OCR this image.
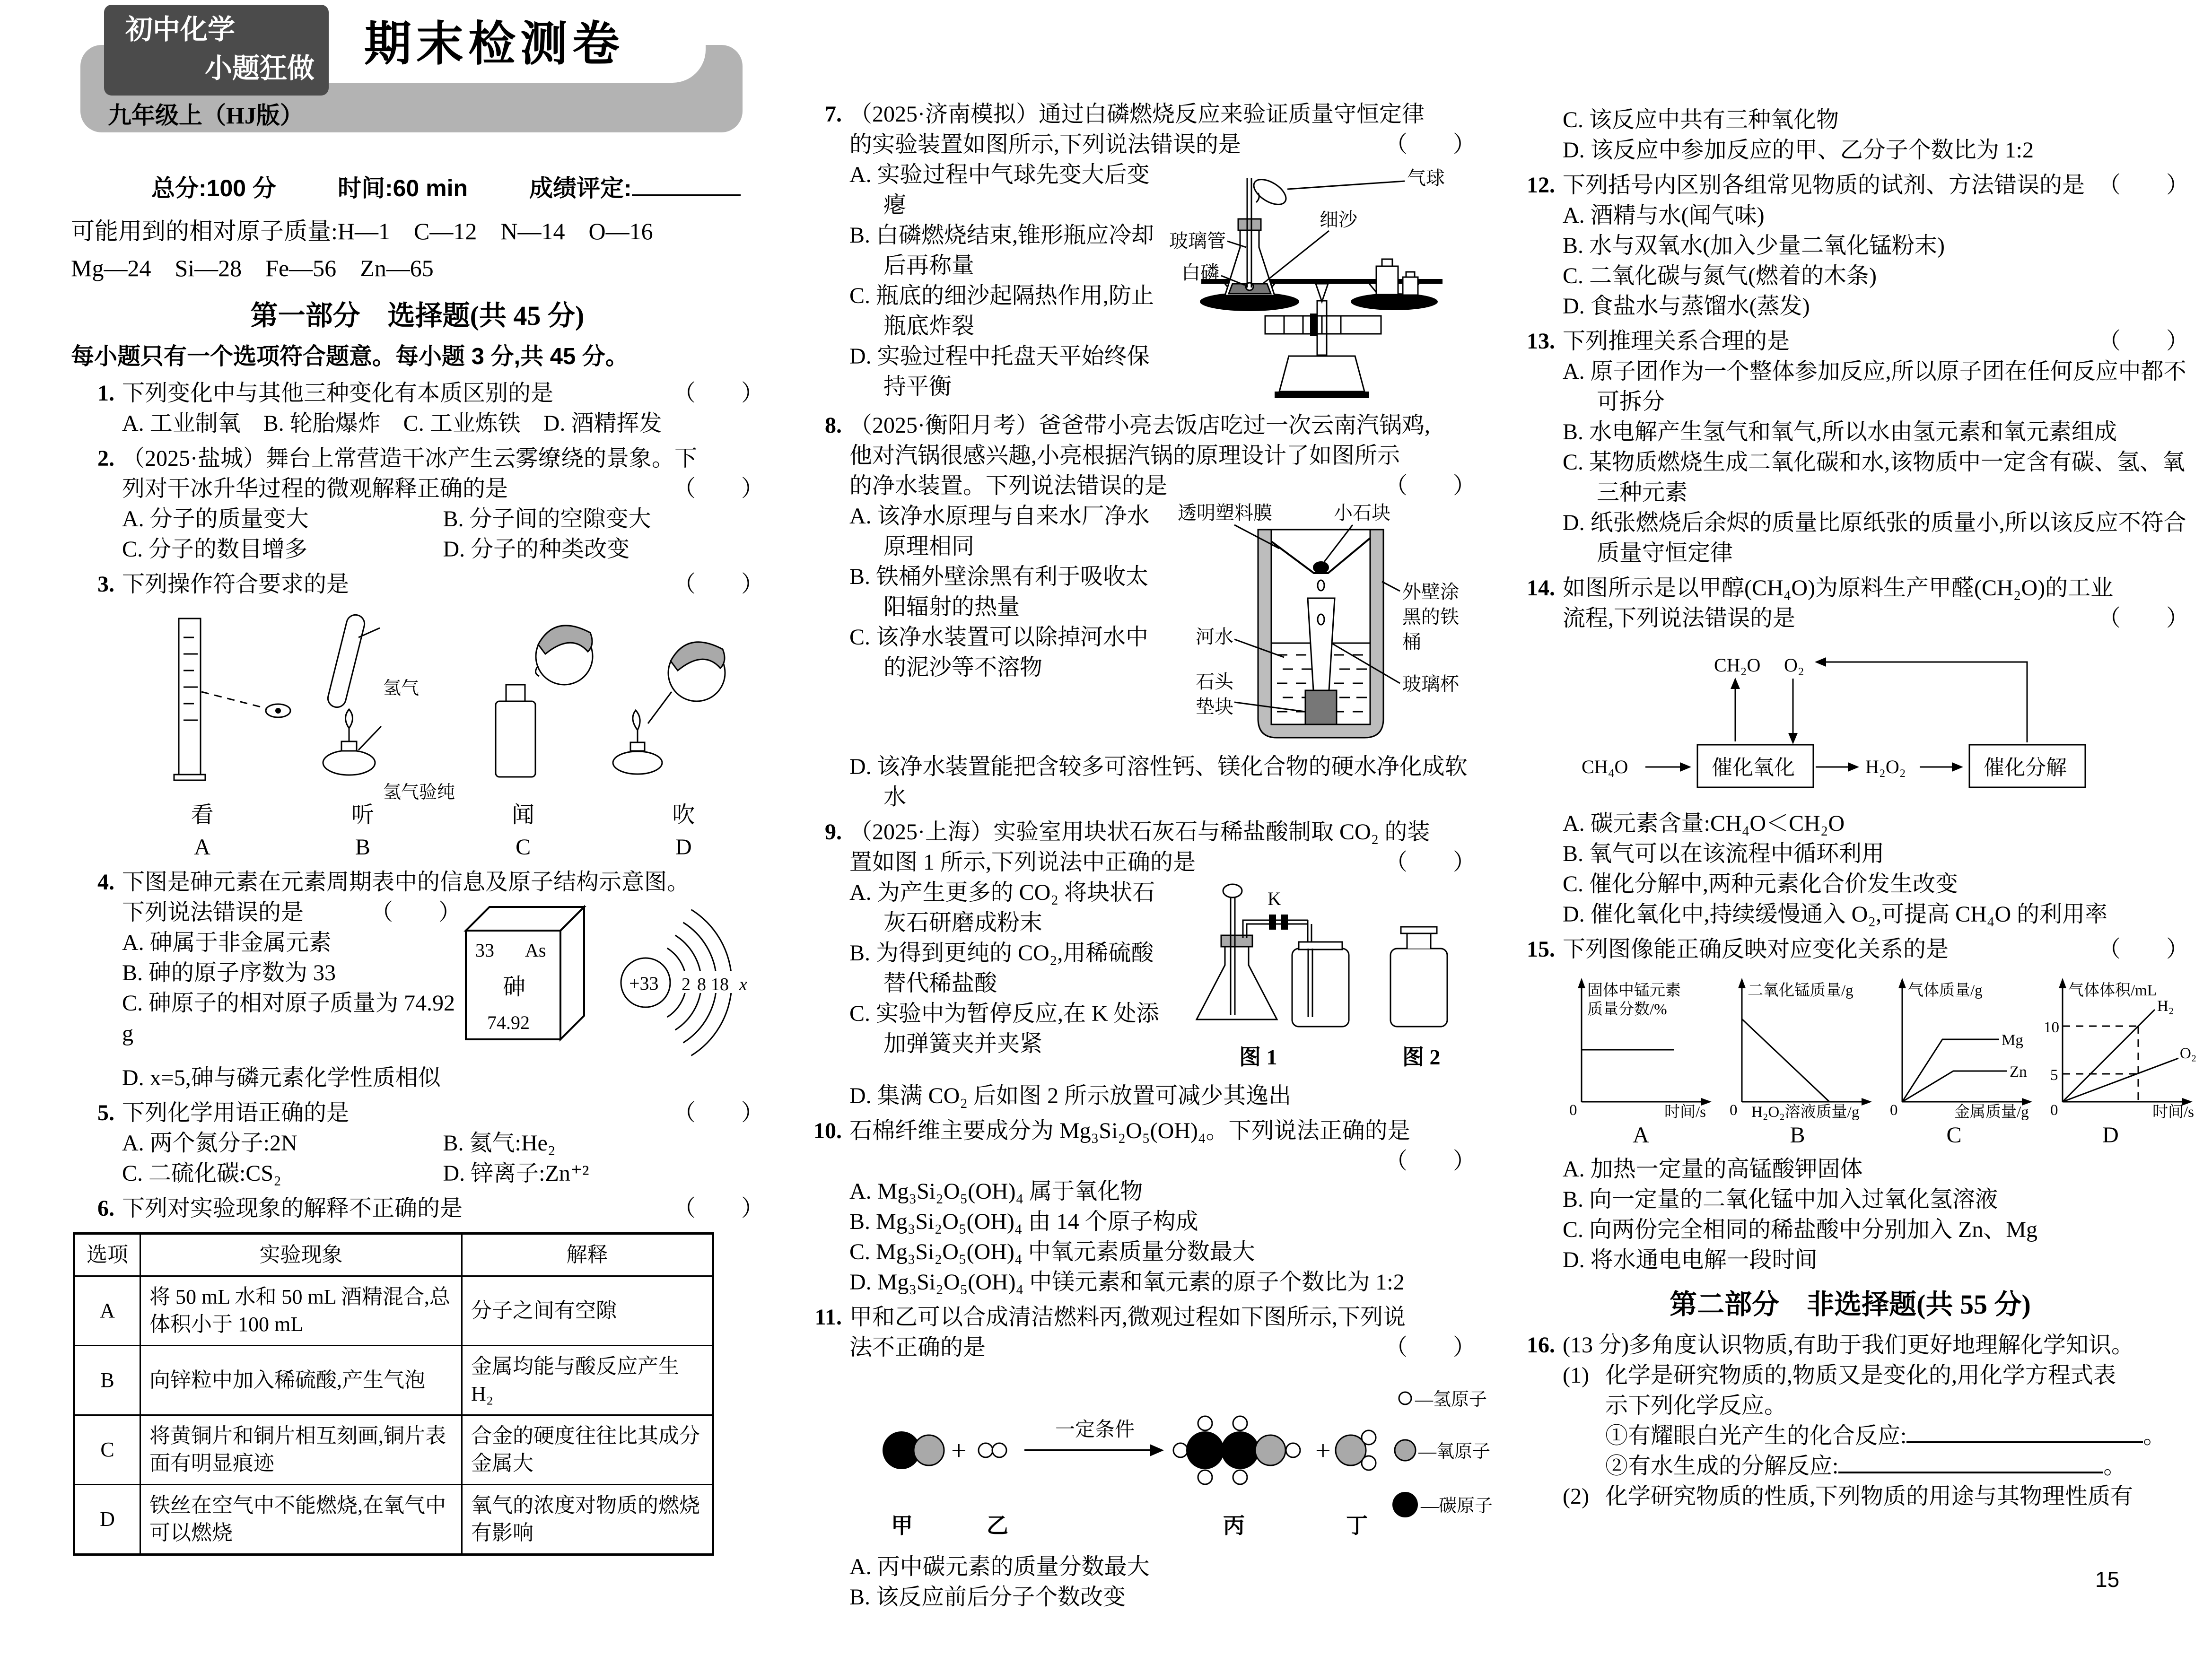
初中化学
小题狂做
九年级上（HJ版）
期末检测卷
总分:100 分	时间:60 min	成绩评定:
可能用到的相对原子质量:H—1　C—12　N—14　O—16
Mg—24　Si—28　Fe—56　Zn—65
第一部分　选择题(共 45 分)
每小题只有一个选项符合题意。每小题 3 分,共 45 分。
1. 下列变化中与其他三种变化有本质区别的是	（　　）
A. 工业制氧　B. 轮胎爆炸　C. 工业炼铁　D. 酒精挥发
2. （2025·盐城）舞台上常营造干冰产生云雾缭绕的景象。下
列对干冰升华过程的微观解释正确的是	（　　）
A. 分子的质量变大	B. 分子间的空隙变大
C. 分子的数目增多	D. 分子的种类改变
3. 下列操作符合要求的是	（　　）
看	听	闻	吹
A	B	C	D
氢气
氢气验纯
4. 下图是砷元素在元素周期表中的信息及原子结构示意图。
下列说法错误的是	（　　）
A. 砷属于非金属元素
B. 砷的原子序数为 33
C. 砷原子的相对原子质量为 74.92 g
33 As
砷
74.92
+33 2 8 18 x
D. x=5,砷与磷元素化学性质相似
5. 下列化学用语正确的是	（　　）
A. 两个氮分子:2N	B. 氦气:He₂
C. 二硫化碳:CS₂	D. 锌离子:Zn⁺²
6. 下列对实验现象的解释不正确的是	（　　）
选项	实验现象	解释
A	将 50 mL 水和 50 mL 酒精混合,总体积小于 100 mL	分子之间有空隙
B	向锌粒中加入稀硫酸,产生气泡	金属均能与酸反应产生 H₂
C	将黄铜片和铜片相互刻画,铜片表面有明显痕迹	合金的硬度往往比其成分金属大
D	铁丝在空气中不能燃烧,在氧气中可以燃烧	氧气的浓度对物质的燃烧有影响
7. （2025·济南模拟）通过白磷燃烧反应来验证质量守恒定律
的实验装置如图所示,下列说法错误的是	（　　）
A. 实验过程中气球先变大后变瘪
B. 白磷燃烧结束,锥形瓶应冷却后再称量
C. 瓶底的细沙起隔热作用,防止瓶底炸裂
D. 实验过程中托盘天平始终保持平衡
气球
玻璃管
细沙
白磷
8. （2025·衡阳月考）爸爸带小亮去饭店吃过一次云南汽锅鸡,
他对汽锅很感兴趣,小亮根据汽锅的原理设计了如图所示
的净水装置。下列说法错误的是	（　　）
A. 该净水原理与自来水厂净水原理相同
B. 铁桶外壁涂黑有利于吸收太阳辐射的热量
C. 该净水装置可以除掉河水中的泥沙等不溶物
透明塑料膜	小石块
河水
石头
垫块
外壁涂
黑的铁
桶
玻璃杯
D. 该净水装置能把含较多可溶性钙、镁化合物的硬水净化成软水
9. （2025·上海）实验室用块状石灰石与稀盐酸制取 CO₂ 的装
置如图 1 所示,下列说法中正确的是	（　　）
A. 为产生更多的 CO₂ 将块状石灰石研磨成粉末
B. 为得到更纯的 CO₂,用稀硫酸替代稀盐酸
C. 实验中为暂停反应,在 K 处添加弹簧夹并夹紧
K
图 1	图 2
D. 集满 CO₂ 后如图 2 所示放置可减少其逸出
10. 石棉纤维主要成分为 Mg₃Si₂O₅(OH)₄。下列说法正确的是
（　　）
A. Mg₃Si₂O₅(OH)₄ 属于氧化物
B. Mg₃Si₂O₅(OH)₄ 由 14 个原子构成
C. Mg₃Si₂O₅(OH)₄ 中氧元素质量分数最大
D. Mg₃Si₂O₅(OH)₄ 中镁元素和氧元素的原子个数比为 1:2
11. 甲和乙可以合成清洁燃料丙,微观过程如下图所示,下列说
法不正确的是	（　　）
+
一定条件
+
甲	乙	丙	丁
—氢原子
—氧原子
—碳原子
A. 丙中碳元素的质量分数最大
B. 该反应前后分子个数改变
C. 该反应中共有三种氧化物
D. 该反应中参加反应的甲、乙分子个数比为 1:2
12. 下列括号内区别各组常见物质的试剂、方法错误的是 （　　）
A. 酒精与水(闻气味)
B. 水与双氧水(加入少量二氧化锰粉末)
C. 二氧化碳与氮气(燃着的木条)
D. 食盐水与蒸馏水(蒸发)
13. 下列推理关系合理的是	（　　）
A. 原子团作为一个整体参加反应,所以原子团在任何反应中都不可拆分
B. 水电解产生氢气和氧气,所以水由氢元素和氧元素组成
C. 某物质燃烧生成二氧化碳和水,该物质中一定含有碳、氢、氧三种元素
D. 纸张燃烧后余烬的质量比原纸张的质量小,所以该反应不符合质量守恒定律
14. 如图所示是以甲醇(CH₄O)为原料生产甲醛(CH₂O)的工业
流程,下列说法错误的是	（　　）
CH₄O	催化氧化	H₂O₂	催化分解
CH₂O O₂
A. 碳元素含量:CH₄O＜CH₂O
B. 氧气可以在该流程中循环利用
C. 催化分解中,两种元素化合价发生改变
D. 催化氧化中,持续缓慢通入 O₂,可提高 CH₄O 的利用率
15. 下列图像能正确反映对应变化关系的是	（　　）
固体中锰元素
质量分数/%
0	时间/s
二氧化锰质量/g
0 H₂O₂溶液质量/g
气体质量/g
Mg
Zn
0	金属质量/g
气体体积/mL
H₂
O₂
10
5
0	时间/s
A	B	C	D
A. 加热一定量的高锰酸钾固体
B. 向一定量的二氧化锰中加入过氧化氢溶液
C. 向两份完全相同的稀盐酸中分别加入 Zn、Mg
D. 将水通电电解一段时间
第二部分　非选择题(共 55 分)
16. (13 分)多角度认识物质,有助于我们更好地理解化学知识。
(1) 化学是研究物质的,物质又是变化的,用化学方程式表
示下列化学反应。
①有耀眼白光产生的化合反应:	。
②有水生成的分解反应:	。
(2) 化学研究物质的性质,下列物质的用途与其物理性质有
15
